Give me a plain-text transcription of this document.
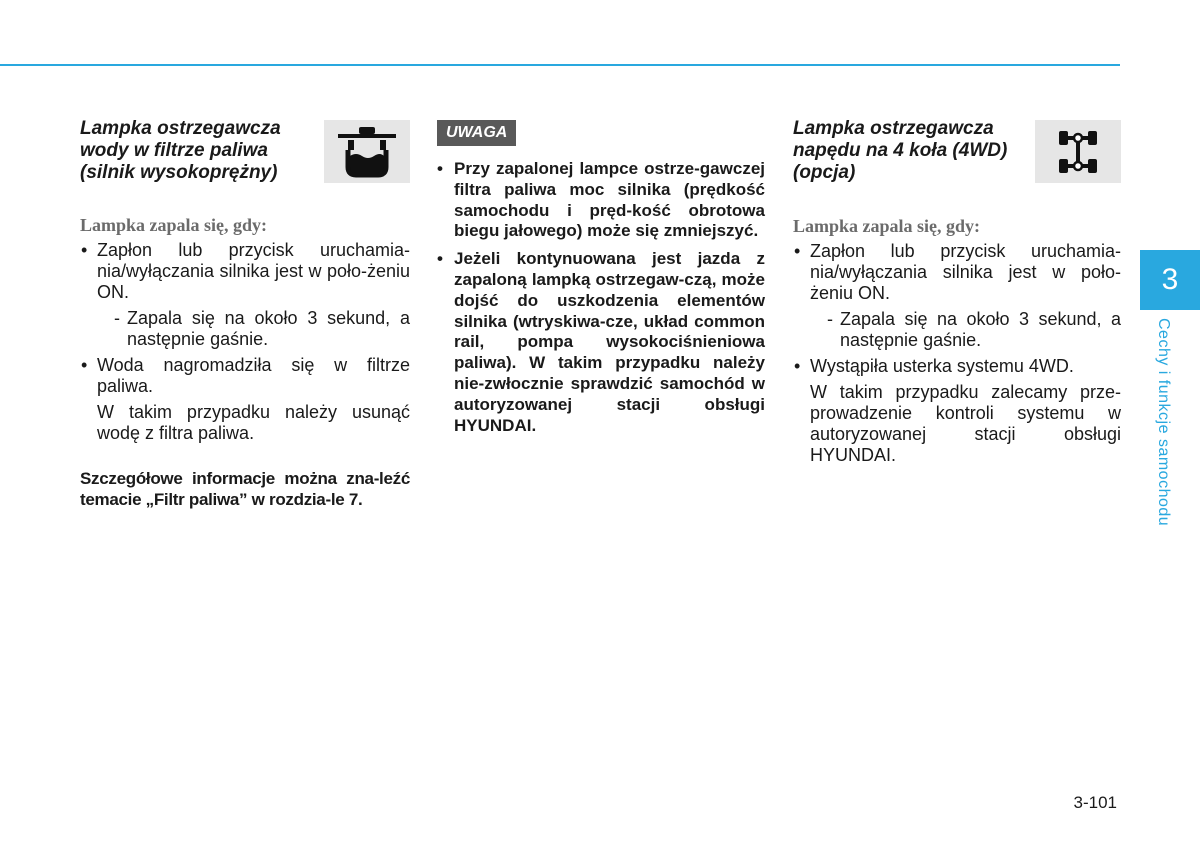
Lampka ostrzegawcza wody w filtrze paliwa (silnik wysokoprężny)
Lampka zapala się, gdy:
• Zapłon lub przycisk uruchamia-nia/wyłączania silnika jest w poło-żeniu ON.
- Zapala się na około 3 sekund, a następnie gaśnie.
• Woda nagromadziła się w filtrze paliwa.
W takim przypadku należy usunąć wodę z filtra paliwa.
Szczegółowe informacje można zna-leźć temacie „Filtr paliwa” w rozdzia-le 7.
UWAGA
• Przy zapalonej lampce ostrze-gawczej filtra paliwa moc silnika (prędkość samochodu i pręd-kość obrotowa biegu jałowego) może się zmniejszyć.
• Jeżeli kontynuowana jest jazda z zapaloną lampką ostrzegaw-czą, może dojść do uszkodzenia elementów silnika (wtryskiwa-cze, układ common rail, pompa wysokociśnieniowa paliwa). W takim przypadku należy nie-zwłocznie sprawdzić samochód w autoryzowanej stacji obsługi HYUNDAI.
Lampka ostrzegawcza napędu na 4 koła (4WD) (opcja)
Lampka zapala się, gdy:
• Zapłon lub przycisk uruchamia-nia/wyłączania silnika jest w poło-żeniu ON.
- Zapala się na około 3 sekund, a następnie gaśnie.
• Wystąpiła usterka systemu 4WD.
W takim przypadku zalecamy prze-prowadzenie kontroli systemu w autoryzowanej stacji obsługi HYUNDAI.
3
Cechy i funkcje samochodu
3-101
